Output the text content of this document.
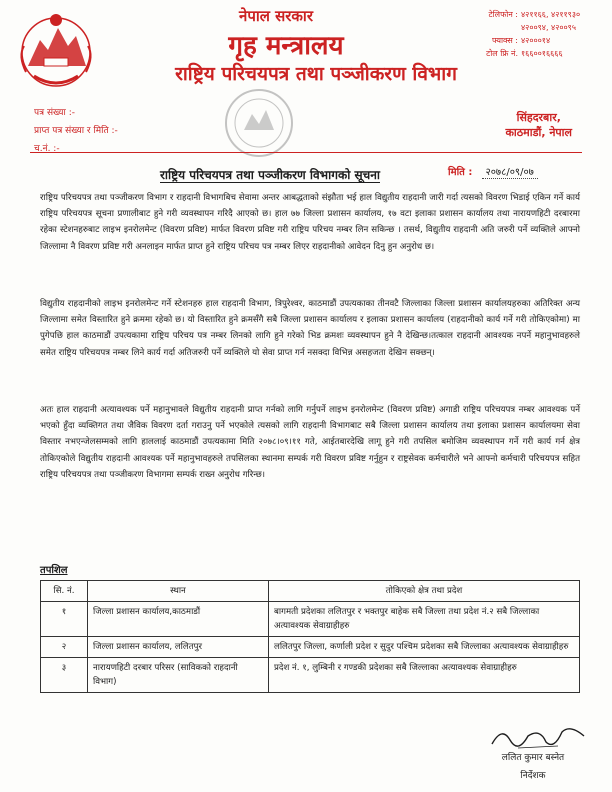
नेपाल सरकार
गृह मन्त्रालय
राष्ट्रिय परिचयपत्र तथा पञ्जीकरण विभाग
टेलिफोन : ४२११६६, ४२११९३०
४२००९४, ४२००९५
फ्याक्स : ४२०००१४
टोल फ्रि नं. १६६००१६६६६
पत्र संख्या :-
प्राप्त पत्र संख्या र मिति :-
च.नं. :-
सिंहदरबार,
काठमाडौं, नेपाल
मिति : २०७८/०९/०७
राष्ट्रिय परिचयपत्र तथा पञ्जीकरण विभागको सूचना
राष्ट्रिय परिचयपत्र तथा पञ्जीकरण विभाग र राहदानी विभागबिच सेवामा अन्तर आबद्धताको संझौता भई हाल विद्युतीय राहदानी जारी गर्दा त्यसको विवरण भिडाई एकिन गर्ने कार्य राष्ट्रिय परिचयपत्र सूचना प्रणालीबाट हुने गरी व्यवस्थापन गरिदै आएको छ। हाल ७७ जिल्ला प्रशासन कार्यालय, १७ वटा इलाका प्रशासन कार्यालय तथा नारायणहिटी दरबारमा रहेका स्टेशनहरुबाट लाइभ इनरोलमेन्ट (विवरण प्रविष्ट) मार्फत विवरण प्रविष्ट गरी राष्ट्रिय परिचय नम्बर लिन सकिन्छ । तसर्थ, विद्युतीय राहदानी अति जरुरी पर्ने व्यक्तिले आफ्नो जिल्लामा नै विवरण प्रविष्ट गरी अनलाइन मार्फत प्राप्त हुने राष्ट्रिय परिचय पत्र नम्बर लिएर राहदानीको आवेदन दिनु हुन अनुरोध छ।
विद्युतीय राहदानीको लाइभ इनरोलमेन्ट गर्ने स्टेशनहरु हाल राहदानी विभाग, त्रिपुरेश्वर, काठमाडौं उपत्यकाका तीनवटै जिल्लाका जिल्ला प्रशासन कार्यालयहरुका अतिरिक्त अन्य जिल्लामा समेत विस्तारित हुने क्रममा रहेको छ। यो विस्तारित हुने क्रमसँगै सबै जिल्ला प्रशासन कार्यालय र इलाका प्रशासन कार्यालय (राहदानीको कार्य गर्ने गरी तोकिएकोमा) मा पुगेपछि हाल काठमाडौं उपत्यकामा राष्ट्रिय परिचय पत्र नम्बर लिनको लागि हुने गरेको भिड क्रमशः व्यवस्थापन हुने नै देखिन्छ।तत्काल राहदानी आवश्यक नपर्ने महानुभावहरुले समेत राष्ट्रिय परिचयपत्र नम्बर लिने कार्य गर्दा अतिजरुरी पर्ने व्यक्तिले यो सेवा प्राप्त गर्न नसक्दा विभिन्न असहजता देखिन सक्छन्।
अतः हाल राहदानी अत्यावश्यक पर्ने महानुभावले विद्युतीय राहदानी प्राप्त गर्नको लागि गर्नुपर्ने लाइभ इनरोलमेन्ट (विवरण प्रविष्ट) अगाडी राष्ट्रिय परिचयपत्र नम्बर आवश्यक पर्ने भएको हुँदा व्यक्तिगत तथा जैविक विवरण दर्ता गराउनु पर्ने भएकोले त्यसको लागि राहदानी विभागबाट सबै जिल्ला प्रशासन कार्यालय तथा इलाका प्रशासन कार्यालयमा सेवा विस्तार नभएन्जेलसम्मको लागि हाललाई काठमाडौं उपत्यकामा मिति २०७८।०९।११ गते, आईतबारदेखि लागू हुने गरी तपसिल बमोजिम व्यवस्थापन गर्ने गरी कार्य गर्न क्षेत्र तोकिएकोले विद्युतीय राहदानी आवश्यक पर्ने महानुभावहरुले तपसिलका स्थानमा सम्पर्क गरी विवरण प्रविष्ट गर्नुहुन र राष्ट्रसेवक कर्मचारीले भने आफ्नो कर्मचारी परिचयपत्र सहित राष्ट्रिय परिचयपत्र तथा पञ्जीकरण विभागमा सम्पर्क राख्न अनुरोध गरिन्छ।
तपशिल
सि. नं.	स्थान	तोकिएको क्षेत्र तथा प्रदेश
१	जिल्ला प्रशासन कार्यालय,काठमाडौं	बागमती प्रदेशका ललितपुर र भक्तपुर बाहेक सबै जिल्ला तथा प्रदेश नं.२ सबै जिल्लाका अत्यावश्यक सेवाग्राहीहरु
२	जिल्ला प्रशासन कार्यालय, ललितपुर	ललितपुर जिल्ला, कर्णाली प्रदेश र सुदुर पश्चिम प्रदेशका सबै जिल्लाका अत्यावश्यक सेवाग्राहीहरु
३	नारायणहिटी दरबार परिसर (साविकको राहदानी विभाग)	प्रदेश नं. १, लुम्बिनी र गण्डकी प्रदेशका सबै जिल्लाका अत्यावश्यक सेवाग्राहीहरु
ललित कुमार बस्नेत
निर्देशक
